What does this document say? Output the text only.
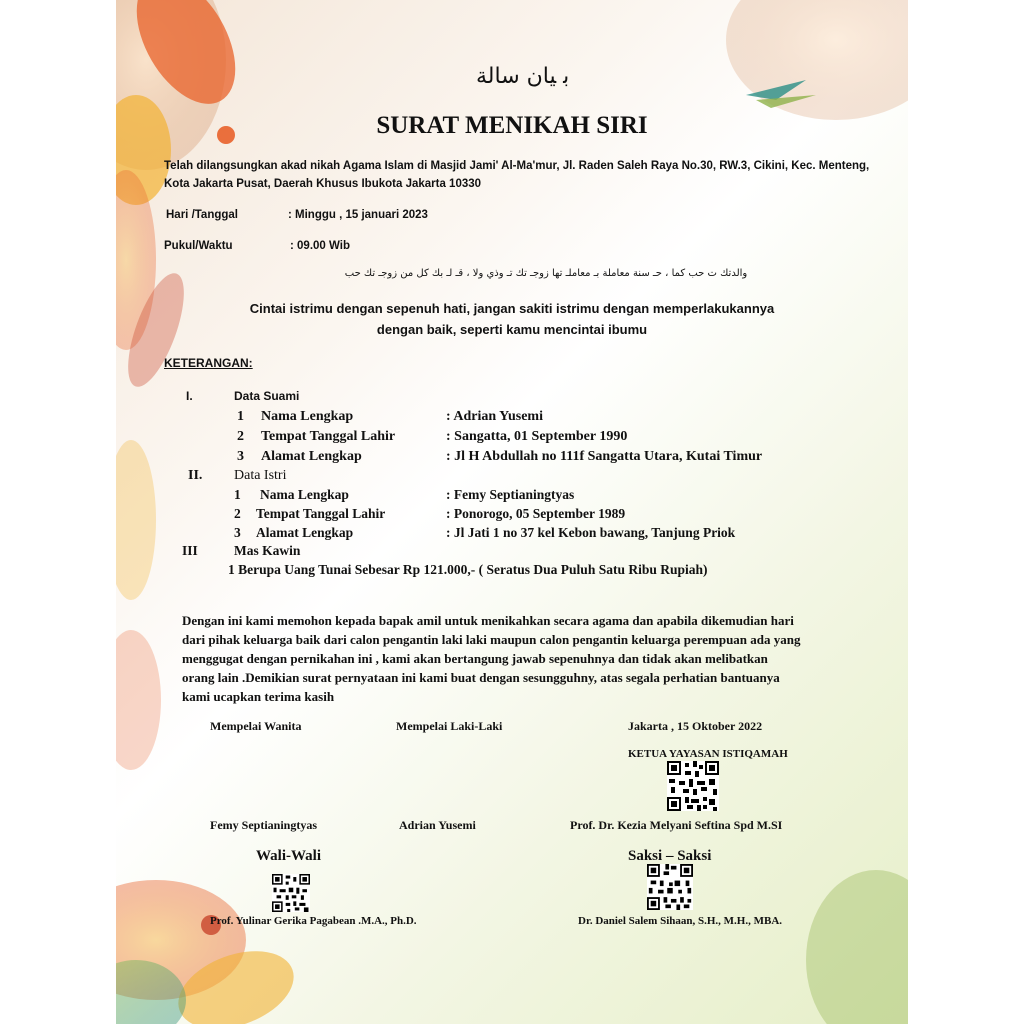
ﺑ ﻴﺎﻥ ﺳﺎﻟﺔ
SURAT MENIKAH SIRI
Telah dilangsungkan akad nikah Agama Islam di Masjid Jami' Al-Ma'mur, Jl. Raden Saleh Raya No.30, RW.3, Cikini, Kec. Menteng,
Kota Jakarta Pusat, Daerah Khusus Ibukota Jakarta 10330
Hari /Tanggal	: Minggu , 15 januari 2023
Pukul/Waktu	: 09.00 Wib
والدتك ت حب كما ، حـ سنة معاملة بـ معاملـ تها زوجـ تك تـ وذي ولا ، قـ لـ بك كل من زوجـ تك حب
Cintai istrimu dengan sepenuh hati, jangan sakiti istrimu dengan memperlakukannya
dengan baik, seperti kamu mencintai ibumu
KETERANGAN:
I.	Data Suami
1 Nama Lengkap	: Adrian Yusemi
2 Tempat Tanggal Lahir	: Sangatta, 01 September 1990
3 Alamat Lengkap	: Jl H Abdullah no 111f Sangatta Utara, Kutai Timur
II. Data Istri
1 Nama Lengkap	: Femy Septianingtyas
2 Tempat Tanggal Lahir	: Ponorogo, 05 September 1989
3 Alamat Lengkap	: Jl Jati 1 no 37 kel Kebon bawang, Tanjung Priok
III	Mas Kawin
1 Berupa Uang Tunai Sebesar Rp 121.000,- ( Seratus Dua Puluh Satu Ribu Rupiah)
Dengan ini kami memohon kepada bapak amil untuk menikahkan secara agama dan apabila dikemudian hari
dari pihak keluarga baik dari calon pengantin laki laki maupun calon pengantin keluarga perempuan ada yang
menggugat dengan pernikahan ini , kami akan bertangung jawab sepenuhnya dan tidak akan melibatkan
orang lain .Demikian surat pernyataan ini kami buat dengan sesungguhny, atas segala perhatian bantuanya
kami ucapkan terima kasih
Mempelai Wanita	Mempelai Laki-Laki	Jakarta , 15 Oktober 2022
KETUA YAYASAN ISTIQAMAH
Femy Septianingtyas	Adrian Yusemi	Prof. Dr. Kezia Melyani Seftina Spd M.SI
Wali-Wali	Saksi – Saksi
Prof. Yulinar Gerika Pagabean .M.A., Ph.D.	Dr. Daniel Salem Sihaan, S.H., M.H., MBA.
